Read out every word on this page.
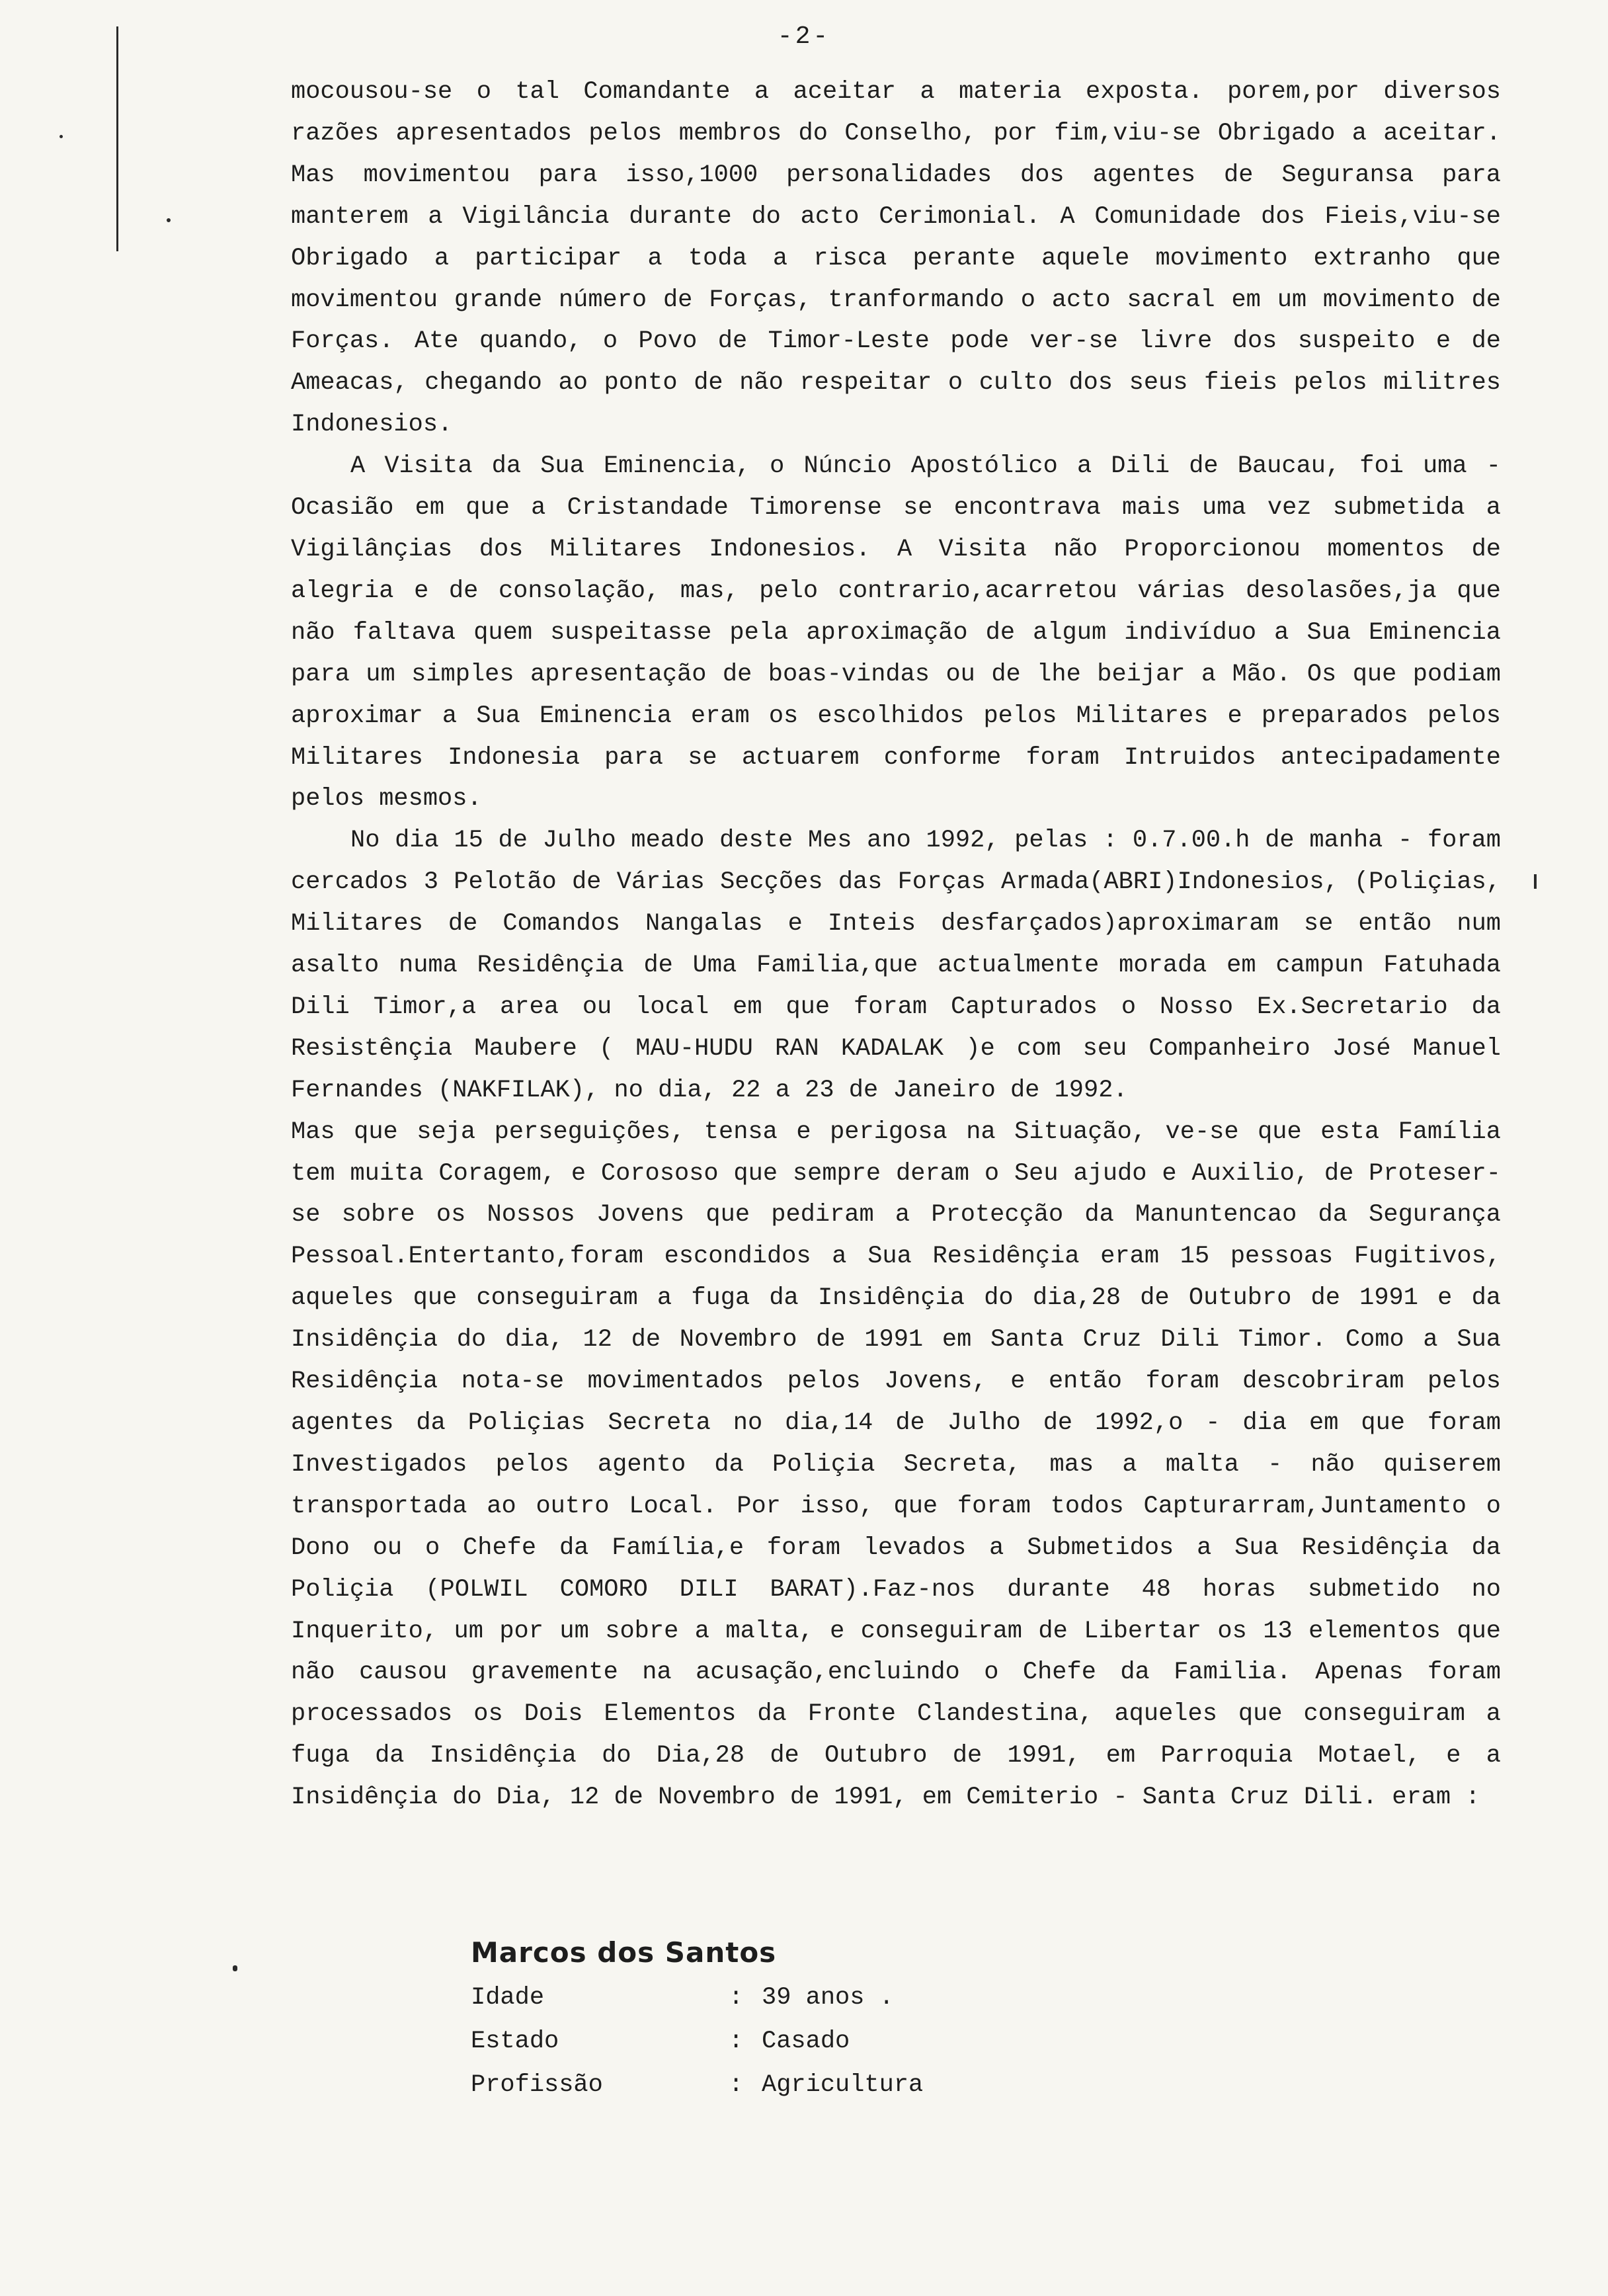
-2-

mocousou-se o tal Comandante a aceitar a materia exposta. porem,por diversos razões apresentados pelos membros do Conselho, por fim,viu-se Obrigado a aceitar. Mas movimentou para isso,1000 personalidades dos agentes de Seguransa para manterem a Vigilância durante do acto Cerimonial. A Comunidade dos Fieis,viu-se Obrigado a participar a toda a risca perante aquele movimento extranho que movimentou grande número de Forças, tranformando o acto sacral em um movimento de Forças. Ate quando, o Povo de Timor-Leste pode ver-se livre dos suspeito e de Ameacas, chegando ao ponto de não respeitar o culto dos seus fieis pelos militres Indonesios.

A Visita da Sua Eminencia, o Núncio Apostólico a Dili de Baucau, foi uma - Ocasião em que a Cristandade Timorense se encontrava mais uma vez submetida a Vigilânçias dos Militares Indonesios. A Visita não Proporcionou momentos de alegria e de consolação, mas, pelo contrario,acarretou várias desolasões,ja que não faltava quem suspeitasse pela aproximação de algum indivíduo a Sua Eminencia para um simples apresentação de boas-vindas ou de lhe beijar a Mão. Os que podiam aproximar a Sua Eminencia eram os escolhidos pelos Militares e preparados pelos Militares Indonesia para se actuarem conforme foram Intruidos antecipadamente pelos mesmos.

No dia 15 de Julho meado deste Mes ano 1992, pelas : 0.7.00.h de manha - foram cercados 3 Pelotão de Várias Secções das Forças Armada(ABRI)Indonesios, (Poliçias, Militares de Comandos Nangalas e Inteis desfarçados)aproximaram se então num asalto numa Residênçia de Uma Familia,que actualmente morada em campun Fatuhada Dili Timor,a area ou local em que foram Capturados o Nosso Ex.Secretario da Resistênçia Maubere ( MAU-HUDU RAN KADALAK )e com seu Companheiro José Manuel Fernandes (NAKFILAK), no dia, 22 a 23 de Janeiro de 1992.

Mas que seja perseguições, tensa e perigosa na Situação, ve-se que esta Família tem muita Coragem, e Corososo que sempre deram o Seu ajudo e Auxilio, de Proteser-se sobre os Nossos Jovens que pediram a Protecção da Manuntencao da Segurança Pessoal.Entertanto,foram escondidos a Sua Residênçia eram 15 pessoas Fugitivos, aqueles que conseguiram a fuga da Insidênçia do dia,28 de Outubro de 1991 e da Insidênçia do dia, 12 de Novembro de 1991 em Santa Cruz Dili Timor. Como a Sua Residênçia nota-se movimentados pelos Jovens, e então foram descobriram pelos agentes da Poliçias Secreta no dia,14 de Julho de 1992,o - dia em que foram Investigados pelos agento da Poliçia Secreta, mas a malta - não quiserem transportada ao outro Local. Por isso, que foram todos Capturarram,Juntamento o Dono ou o Chefe da Família,e foram levados a Submetidos a Sua Residênçia da Poliçia (POLWIL COMORO DILI BARAT).Faz-nos durante 48 horas submetido no Inquerito, um por um sobre a malta, e conseguiram de Libertar os 13 elementos que não causou gravemente na acusação,encluindo o Chefe da Familia. Apenas foram processados os Dois Elementos da Fronte Clandestina, aqueles que conseguiram a fuga da Insidênçia do Dia,28 de Outubro de 1991, em Parroquia Motael, e a Insidênçia do Dia, 12 de Novembro de 1991, em Cemiterio - Santa Cruz Dili. eram :

Marcos dos Santos
Idade	: 39 anos .
Estado	: Casado
Profissão	: Agricultura
